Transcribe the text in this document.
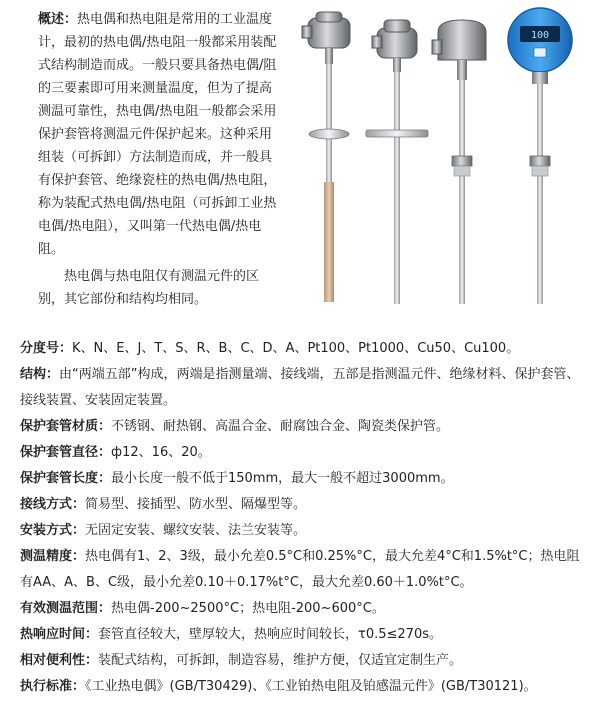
概述：热电偶和热电阻是常用的工业温度计，最初的热电偶/热电阻一般都采用装配式结构制造而成。一般只要具备热电偶/阻的三要素即可用来测量温度，但为了提高测温可靠性，热电偶/热电阻一般都会采用保护套管将测温元件保护起来。这种采用组装（可拆卸）方法制造而成，并一般具有保护套管、绝缘瓷柱的热电偶/热电阻，称为装配式热电偶/热电阻（可拆卸工业热电偶/热电阻），又叫第一代热电偶/热电阻。

热电偶与热电阻仅有测温元件的区别，其它部份和结构均相同。

100

分度号：K、N、E、J、T、S、R、B、C、D、A、Pt100、Pt1000、Cu50、Cu100。

结构：由“两端五部”构成，两端是指测量端、接线端，五部是指测温元件、绝缘材料、保护套管、接线装置、安装固定装置。

保护套管材质：不锈钢、耐热钢、高温合金、耐腐蚀合金、陶瓷类保护管。

保护套管直径：ф12、16、20。

保护套管长度：最小长度一般不低于150mm，最大一般不超过3000mm。

接线方式：简易型、接插型、防水型、隔爆型等。

安装方式：无固定安装、螺纹安装、法兰安装等。

测温精度：热电偶有1、2、3级，最小允差0.5°C和0.25%°C，最大允差4°C和1.5%t°C；热电阻有AA、A、B、C级，最小允差0.10＋0.17%t°C，最大允差0.60＋1.0%t°C。

有效测温范围：热电偶-200~2500°C；热电阻-200~600°C。

热响应时间：套管直径较大，壁厚较大，热响应时间较长，τ0.5≤270s。

相对便利性：装配式结构，可拆卸，制造容易，维护方便，仅适宜定制生产。

执行标准：《工业热电偶》(GB/T30429)、《工业铂热电阻及铂感温元件》(GB/T30121)。
